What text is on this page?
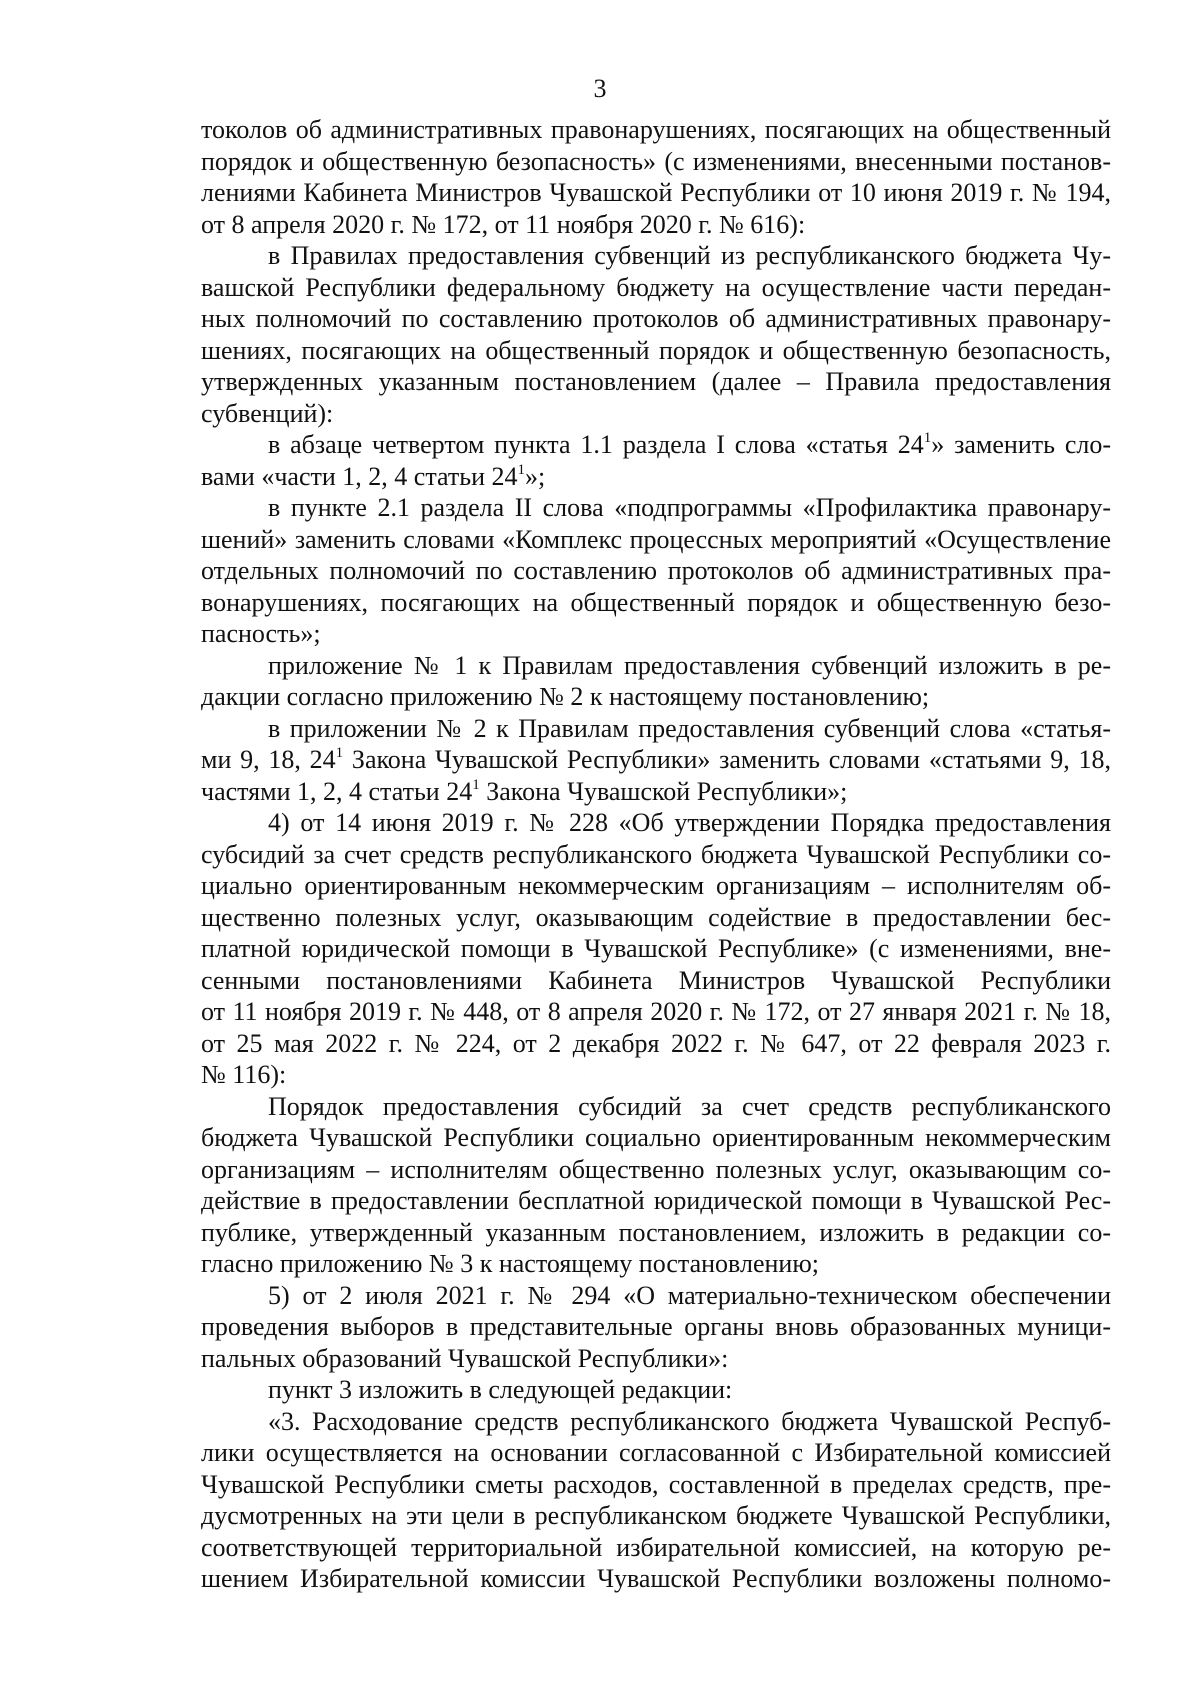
3

токолов об административных правонарушениях, посягающих на общественный
порядок и общественную безопасность» (с изменениями, внесенными постанов-
лениями Кабинета Министров Чувашской Республики от 10 июня 2019 г. № 194,
от 8 апреля 2020 г. № 172, от 11 ноября 2020 г. № 616):

в Правилах предоставления субвенций из республиканского бюджета Чу-
вашской Республики федеральному бюджету на осуществление части передан-
ных полномочий по составлению протоколов об административных правонару-
шениях, посягающих на общественный порядок и общественную безопасность,
утвержденных указанным постановлением (далее – Правила предоставления
субвенций):

в абзаце четвертом пункта 1.1 раздела I слова «статья $24^1$» заменить сло-
вами «части 1, 2, 4 статьи $24^1$»;

в пункте 2.1 раздела II слова «подпрограммы «Профилактика правонару-
шений» заменить словами «Комплекс процессных мероприятий «Осуществление
отдельных полномочий по составлению протоколов об административных пра-
вонарушениях, посягающих на общественный порядок и общественную безо-
пасность»;

приложение № 1 к Правилам предоставления субвенций изложить в ре-
дакции согласно приложению № 2 к настоящему постановлению;

в приложении № 2 к Правилам предоставления субвенций слова «статья-
ми 9, 18, $24^1$ Закона Чувашской Республики» заменить словами «статьями 9, 18,
частями 1, 2, 4 статьи $24^1$ Закона Чувашской Республики»;

4) от 14 июня 2019 г. № 228 «Об утверждении Порядка предоставления
субсидий за счет средств республиканского бюджета Чувашской Республики со-
циально ориентированным некоммерческим организациям – исполнителям об-
щественно полезных услуг, оказывающим содействие в предоставлении бес-
платной юридической помощи в Чувашской Республике» (с изменениями, вне-
сенными постановлениями Кабинета Министров Чувашской Республики
от 11 ноября 2019 г. № 448, от 8 апреля 2020 г. № 172, от 27 января 2021 г. № 18,
от 25 мая 2022 г. № 224, от 2 декабря 2022 г. № 647, от 22 февраля 2023 г.
№ 116):

Порядок предоставления субсидий за счет средств республиканского
бюджета Чувашской Республики социально ориентированным некоммерческим
организациям – исполнителям общественно полезных услуг, оказывающим со-
действие в предоставлении бесплатной юридической помощи в Чувашской Рес-
публике, утвержденный указанным постановлением, изложить в редакции со-
гласно приложению № 3 к настоящему постановлению;

5) от 2 июля 2021 г. № 294 «О материально-техническом обеспечении
проведения выборов в представительные органы вновь образованных муници-
пальных образований Чувашской Республики»:

пункт 3 изложить в следующей редакции:

«3. Расходование средств республиканского бюджета Чувашской Респуб-
лики осуществляется на основании согласованной с Избирательной комиссией
Чувашской Республики сметы расходов, составленной в пределах средств, пре-
дусмотренных на эти цели в республиканском бюджете Чувашской Республики,
соответствующей территориальной избирательной комиссией, на которую ре-
шением Избирательной комиссии Чувашской Республики возложены полномо-
